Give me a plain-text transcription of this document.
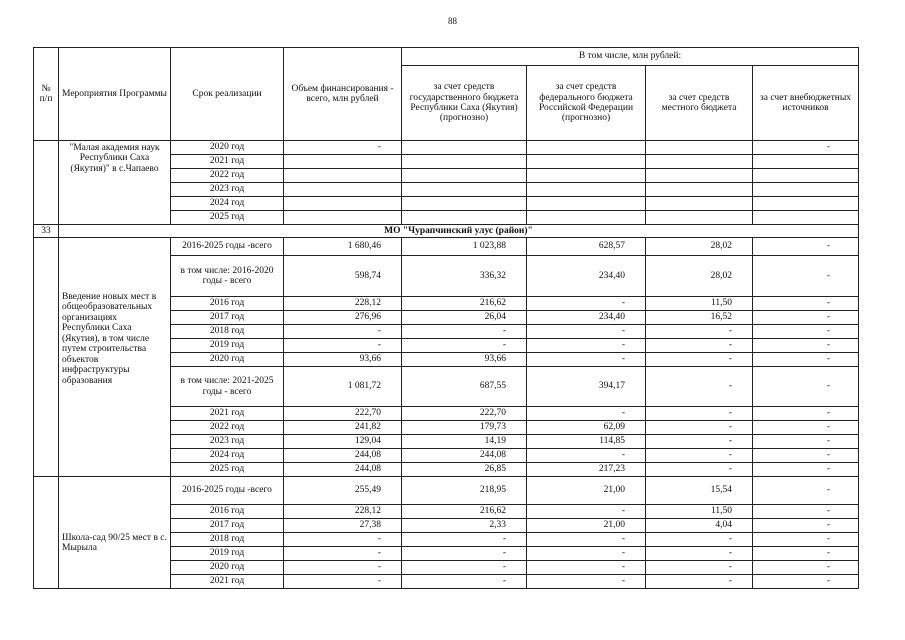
88
№ п/п	Мероприятия Программы	Срок реализации	Объем финансирования - всего, млн рублей	В том числе, млн рублей:			
				за счет средств государственного бюджета Республики Саха (Якутия) (прогнозно)	за счет средств федерального бюджета Российской Федерации (прогнозно)	за счет средств местного бюджета	за счет внебюджетных источников

	"Малая академия наук Республики Саха (Якутия)" в с.Чапаево	2020 год	-				-
		2021 год					
		2022 год					
		2023 год					
		2024 год					
		2025 год					
33	МО "Чурапчинский улус (район)"						

	Введение новых мест в общеобразовательных организациях Республики Саха (Якутия), в том числе путем строительства объектов инфраструктуры образования	2016-2025 годы -всего	1 680,46	1 023,88	628,57	28,02	-
		в том числе: 2016-2020 годы - всего	598,74	336,32	234,40	28,02	-
		2016 год	228,12	216,62	-	11,50	-
		2017 год	276,96	26,04	234,40	16,52	-
		2018 год	-	-	-	-	-
		2019 год	-	-	-	-	-
		2020 год	93,66	93,66	-	-	-
		в том числе: 2021-2025 годы - всего	1 081,72	687,55	394,17	-	-
		2021 год	222,70	222,70	-	-	-
		2022 год	241,82	179,73	62,09	-	-
		2023 год	129,04	14,19	114,85	-	-
		2024 год	244,08	244,08	-	-	-
		2025 год	244,08	26,85	217,23	-	-

	Школа-сад 90/25 мест в с. Мырыла	2016-2025 годы -всего	255,49	218,95	21,00	15,54	-
		2016 год	228,12	216,62	-	11,50	-
		2017 год	27,38	2,33	21,00	4,04	-
		2018 год	-	-	-	-	-
		2019 год	-	-	-	-	-
		2020 год	-	-	-	-	-
		2021 год	-	-	-	-	-
